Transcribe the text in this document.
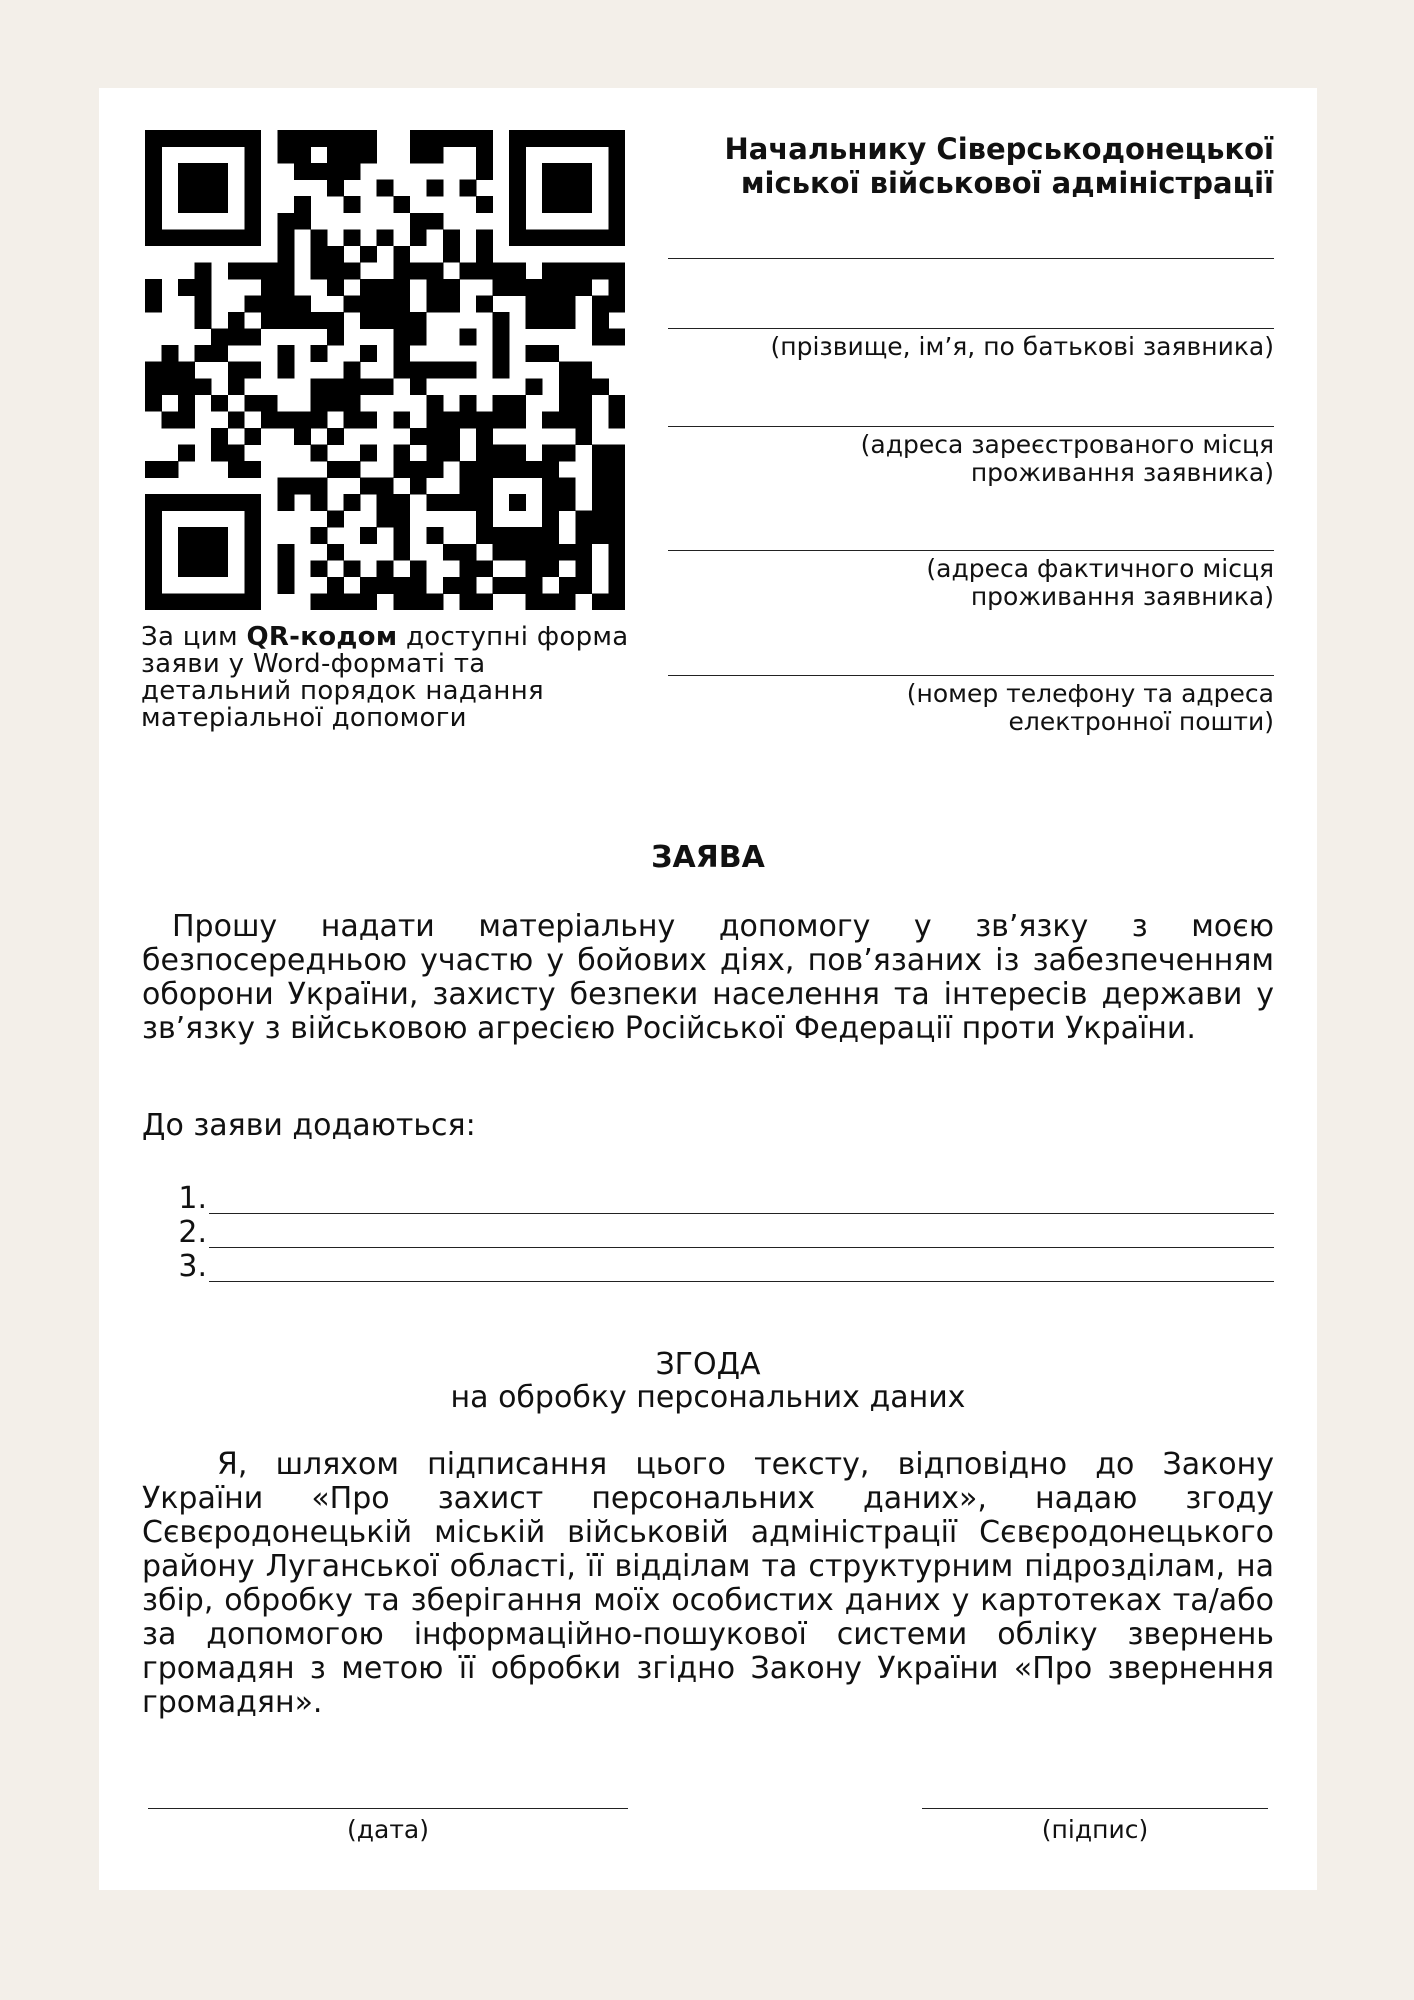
За цим QR-кодом доступні форма заяви у Word-форматі та детальний порядок надання матеріальної допомоги

Начальнику Сіверськодонецької
міської військової адміністрації

(прізвище, ім’я, по батькові заявника)
(адреса зареєстрованого місця
проживання заявника)
(адреса фактичного місця
проживання заявника)
(номер телефону та адреса
електронної пошти)

ЗАЯВА

Прошу надати матеріальну допомогу у зв’язку з моєю безпосередньою участю у бойових діях, пов’язаних із забезпеченням оборони України, захисту безпеки населення та інтересів держави у зв’язку з військовою агресією Російської Федерації проти України.

До заяви додаються:

1.
2.
3.

ЗГОДА
на обробку персональних даних

Я, шляхом підписання цього тексту, відповідно до Закону України «Про захист персональних даних», надаю згоду Сєвєродонецькій міській військовій адміністрації Сєвєродонецького району Луганської області, її відділам та структурним підрозділам, на збір, обробку та зберігання моїх особистих даних у картотеках та/або за допомогою інформаційно-пошукової системи обліку звернень громадян з метою її обробки згідно Закону України «Про звернення громадян».

(дата)	(підпис)
